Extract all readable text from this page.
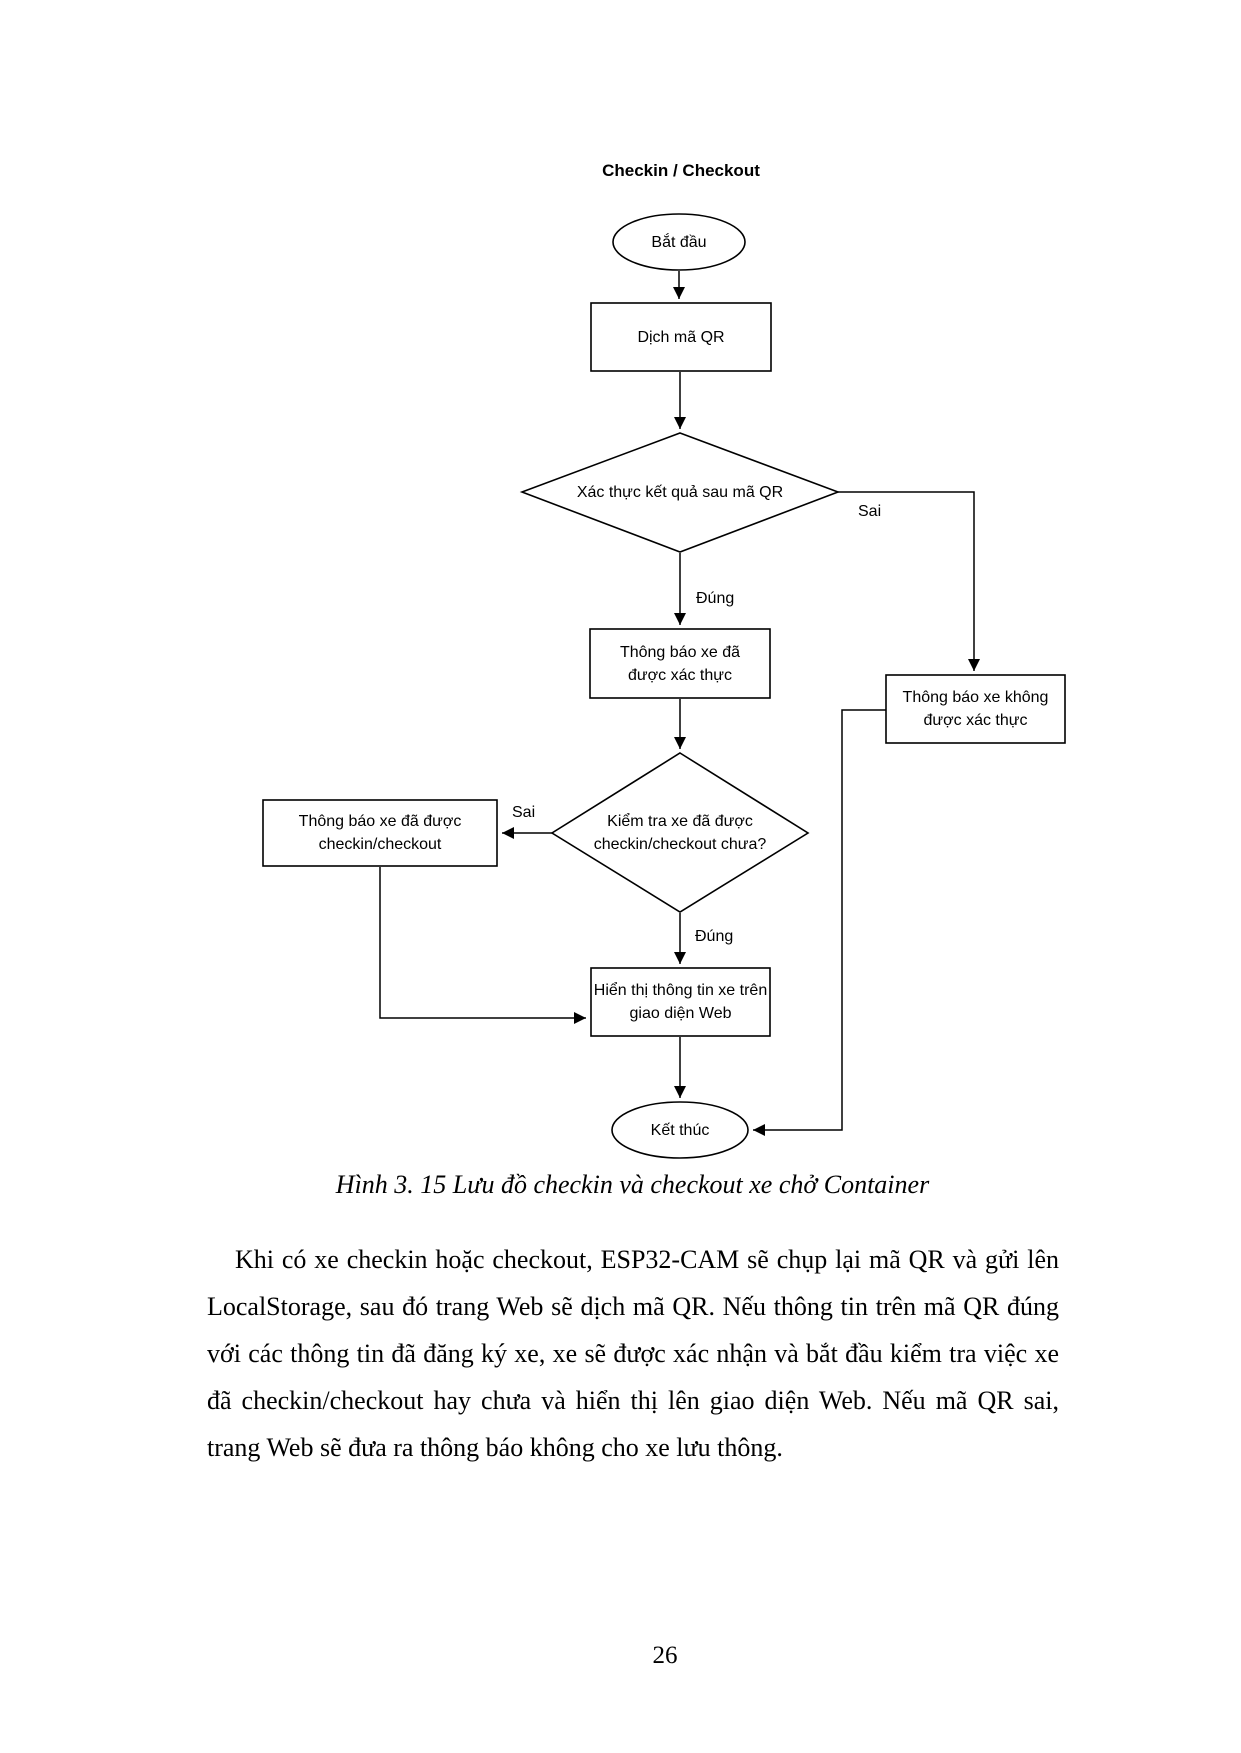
Checkin / Checkout
Bắt đầu
Dịch mã QR
Xác thực kết quả sau mã QR
Sai
Đúng
Thông báo xe đã được xác thực
Thông báo xe không được xác thực
Kiểm tra xe đã được checkin/checkout chưa?
Sai
Thông báo xe đã được checkin/checkout
Đúng
Hiển thị thông tin xe trên giao diện Web
Kết thúc
Hình 3. 15 Lưu đồ checkin và checkout xe chở Container

Khi có xe checkin hoặc checkout, ESP32-CAM sẽ chụp lại mã QR và gửi lên LocalStorage, sau đó trang Web sẽ dịch mã QR. Nếu thông tin trên mã QR đúng với các thông tin đã đăng ký xe, xe sẽ được xác nhận và bắt đầu kiểm tra việc xe đã checkin/checkout hay chưa và hiển thị lên giao diện Web. Nếu mã QR sai, trang Web sẽ đưa ra thông báo không cho xe lưu thông.

26
